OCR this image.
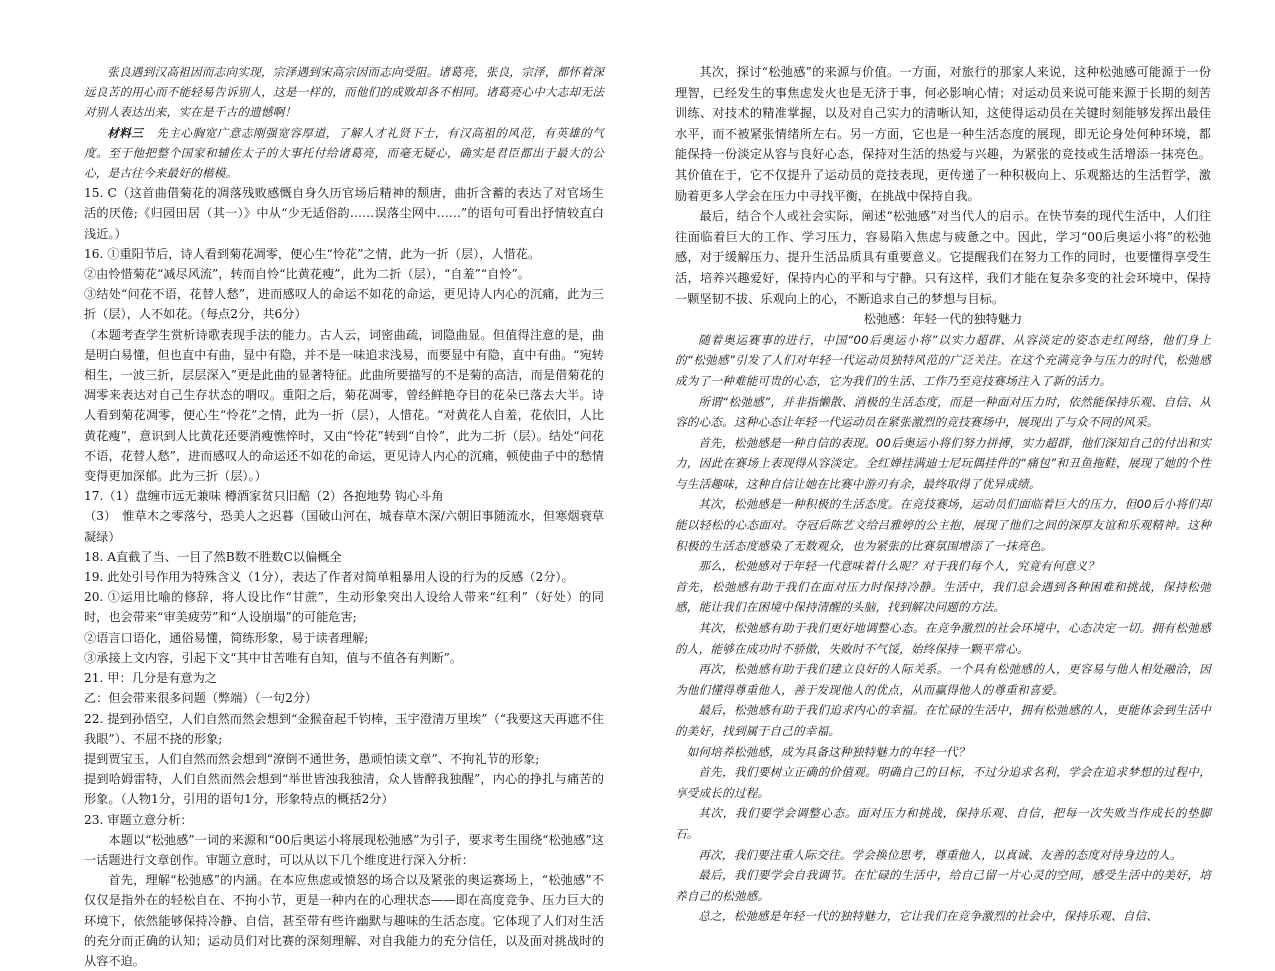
张良遇到汉高祖因而志向实现，宗泽遇到宋高宗因而志向受阻。诸葛亮，张良，宗泽，都怀着深远良苦的用心而不能轻易告诉别人，这是一样的，而他们的成败却各不相同。诸葛亮心中大志却无法对别人表达出来，实在是千古的遗憾啊！

材料三 先主心胸宽广意志刚强宽容厚道，了解人才礼贤下士，有汉高祖的风范，有英雄的气度。至于他把整个国家和辅佐太子的大事托付给诸葛亮，而毫无疑心，确实是君臣都出于最大的公心，是古往今来最好的楷模。

15. C（这首曲借菊花的凋落残败感慨自身久历官场后精神的颓唐，曲折含蓄的表达了对官场生活的厌倦;《归园田居（其一）》中从“少无适俗韵……误落尘网中……”的语句可看出抒情较直白浅近。）

16. ①重阳节后，诗人看到菊花凋零，便心生“怜花”之情，此为一折（层），人惜花。

②由怜惜菊花“减尽风流”，转而自怜“比黄花瘦”，此为二折（层），“自羞”“自怜”。

③结处“问花不语，花替人愁”，进而感叹人的命运不如花的命运，更见诗人内心的沉痛，此为三折（层），人不如花。（每点2分，共6分）

（本题考查学生赏析诗歌表现手法的能力。古人云，词密曲疏，词隐曲显。但值得注意的是，曲是明白易懂，但也直中有曲，显中有隐，并不是一味追求浅易，而要显中有隐，直中有曲。“宛转相生，一波三折，层层深入”更是此曲的显著特征。此曲所要描写的不是菊的高洁，而是借菊花的凋零来表达对自己生存状态的喟叹。重阳之后，菊花凋零，曾经鲜艳夺目的花朵已落去大半。诗人看到菊花凋零，便心生“怜花”之情，此为一折（层），人惜花。“对黄花人自羞，花依旧，人比黄花瘦”，意识到人比黄花还要消瘦憔悴时，又由“怜花”转到“自怜”，此为二折（层）。结处“问花不语，花替人愁”，进而感叹人的命运还不如花的命运，更见诗人内心的沉痛，顿使曲子中的愁情变得更加深郁。此为三折（层）。）

17.（1）盘缠市远无兼味 樽酒家贫只旧醅（2）各抱地势 钩心斗角

（3）　惟草木之零落兮，恐美人之迟暮（国破山河在，城春草木深/六朝旧事随流水，但寒烟衰草凝绿）

18. A直截了当、一目了然B数不胜数C以偏概全

19. 此处引号作用为特殊含义（1分），表达了作者对简单粗暴用人设的行为的反感（2分）。

20. ①运用比喻的修辞，将人设比作“甘蔗”，生动形象突出人设给人带来“红利”（好处）的同时，也会带来“审美疲劳”和“人设崩塌”的可能危害;

②语言口语化，通俗易懂，简练形象，易于读者理解;

③承接上文内容，引起下文“其中甘苦唯有自知，值与不值各有判断”。

21. 甲：几分是有意为之

乙：但会带来很多问题（弊端）（一句2分）

22. 提到孙悟空，人们自然而然会想到“金猴奋起千钧棒，玉宇澄清万里埃”（“我要这天再遮不住我眼”）、不屈不挠的形象;

提到贾宝玉，人们自然而然会想到“潦倒不通世务，愚顽怕读文章”、不拘礼节的形象;

提到哈姆雷特，人们自然而然会想到“举世皆浊我独清，众人皆醉我独醒”，内心的挣扎与痛苦的形象。（人物1分，引用的语句1分，形象特点的概括2分）

23. 审题立意分析：

本题以“松弛感”一词的来源和“00后奥运小将展现松弛感”为引子，要求考生围绕“松弛感”这一话题进行文章创作。审题立意时，可以从以下几个维度进行深入分析：

首先，理解“松弛感”的内涵。在本应焦虑或愤怒的场合以及紧张的奥运赛场上，“松弛感”不仅仅是指外在的轻松自在、不拘小节，更是一种内在的心理状态——即在高度竞争、压力巨大的环境下，依然能够保持冷静、自信，甚至带有些许幽默与趣味的生活态度。它体现了人们对生活的充分而正确的认知；运动员们对比赛的深刻理解、对自我能力的充分信任，以及面对挑战时的从容不迫。

其次，探讨“松弛感”的来源与价值。一方面，对旅行的那家人来说，这种松弛感可能源于一份理智，已经发生的事焦虑发火也是无济于事，何必影响心情；对运动员来说可能来源于长期的刻苦训练、对技术的精准掌握，以及对自己实力的清晰认知，这使得运动员在关键时刻能够发挥出最佳水平，而不被紧张情绪所左右。另一方面，它也是一种生活态度的展现，即无论身处何种环境，都能保持一份淡定从容与良好心态，保持对生活的热爱与兴趣，为紧张的竞技或生活增添一抹亮色。其价值在于，它不仅提升了运动员的竞技表现，更传递了一种积极向上、乐观豁达的生活哲学，激励着更多人学会在压力中寻找平衡，在挑战中保持自我。

最后，结合个人或社会实际，阐述“松弛感”对当代人的启示。在快节奏的现代生活中，人们往往面临着巨大的工作、学习压力，容易陷入焦虑与疲惫之中。因此，学习“00后奥运小将”的松弛感，对于缓解压力、提升生活品质具有重要意义。它提醒我们在努力工作的同时，也要懂得享受生活，培养兴趣爱好，保持内心的平和与宁静。只有这样，我们才能在复杂多变的社会环境中，保持一颗坚韧不拔、乐观向上的心，不断追求自己的梦想与目标。

松弛感：年轻一代的独特魅力

随着奥运赛事的进行，中国“00后奥运小将”以实力超群、从容淡定的姿态走红网络，他们身上的“松弛感”引发了人们对年轻一代运动员独特风范的广泛关注。在这个充满竞争与压力的时代，松弛感成为了一种难能可贵的心态，它为我们的生活、工作乃至竞技赛场注入了新的活力。

所谓“松弛感”，并非指懒散、消极的生活态度，而是一种面对压力时，依然能保持乐观、自信、从容的心态。这种心态让年轻一代运动员在紧张激烈的竞技赛场中，展现出了与众不同的风采。

首先，松弛感是一种自信的表现。00后奥运小将们努力拼搏，实力超群，他们深知自己的付出和实力，因此在赛场上表现得从容淡定。全红婵挂满迪士尼玩偶挂件的“痛包”和丑鱼拖鞋，展现了她的个性与生活趣味，这种自信让她在比赛中游刃有余，最终取得了优异成绩。

其次，松弛感是一种积极的生活态度。在竞技赛场，运动员们面临着巨大的压力，但00后小将们却能以轻松的心态面对。夺冠后陈艺文给吕雅婷的公主抱，展现了他们之间的深厚友谊和乐观精神。这种积极的生活态度感染了无数观众，也为紧张的比赛氛围增添了一抹亮色。

那么，松弛感对于年轻一代意味着什么呢？对于我们每个人，究竟有何意义？

首先，松弛感有助于我们在面对压力时保持冷静。生活中，我们总会遇到各种困难和挑战，保持松弛感，能让我们在困境中保持清醒的头脑，找到解决问题的方法。

其次，松弛感有助于我们更好地调整心态。在竞争激烈的社会环境中，心态决定一切。拥有松弛感的人，能够在成功时不骄傲，失败时不气馁，始终保持一颗平常心。

再次，松弛感有助于我们建立良好的人际关系。一个具有松弛感的人，更容易与他人相处融洽，因为他们懂得尊重他人，善于发现他人的优点，从而赢得他人的尊重和喜爱。

最后，松弛感有助于我们追求内心的幸福。在忙碌的生活中，拥有松弛感的人，更能体会到生活中的美好，找到属于自己的幸福。

如何培养松弛感，成为具备这种独特魅力的年轻一代？

首先，我们要树立正确的价值观。明确自己的目标，不过分追求名利，学会在追求梦想的过程中，享受成长的过程。

其次，我们要学会调整心态。面对压力和挑战，保持乐观、自信，把每一次失败当作成长的垫脚石。

再次，我们要注重人际交往。学会换位思考，尊重他人，以真诚、友善的态度对待身边的人。

最后，我们要学会自我调节。在忙碌的生活中，给自己留一片心灵的空间，感受生活中的美好，培养自己的松弛感。

总之，松弛感是年轻一代的独特魅力，它让我们在竞争激烈的社会中，保持乐观、自信、
